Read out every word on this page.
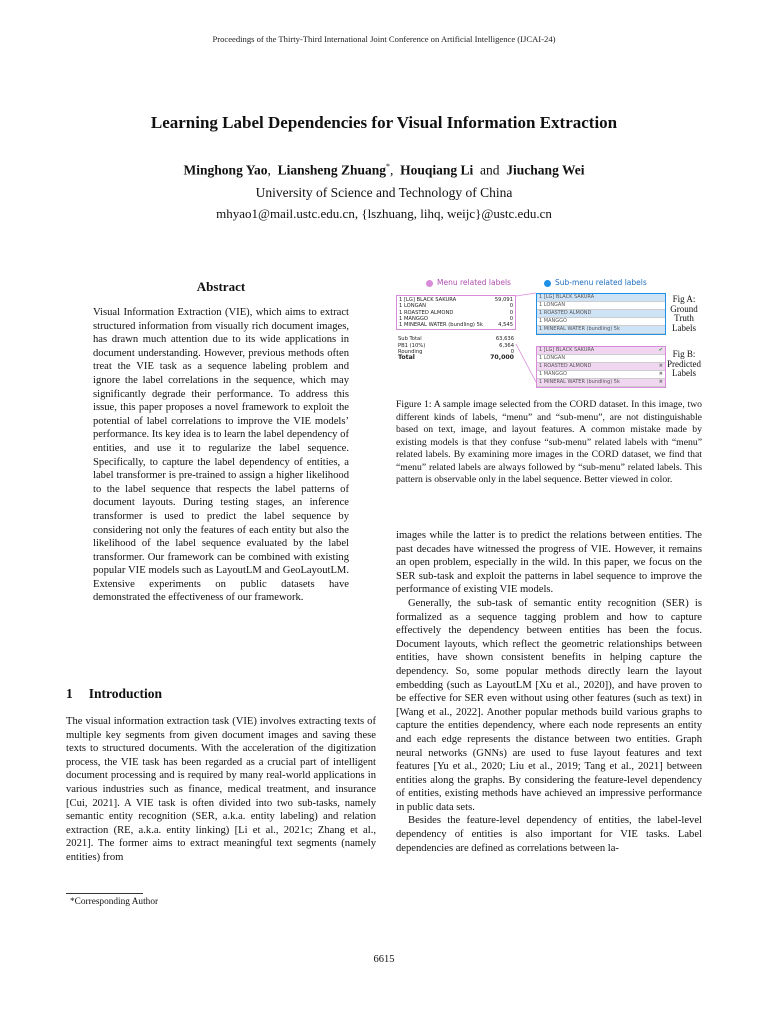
Proceedings of the Thirty-Third International Joint Conference on Artificial Intelligence (IJCAI-24)
Learning Label Dependencies for Visual Information Extraction
Minghong Yao, Liansheng Zhuang*, Houqiang Li and Jiuchang Wei
University of Science and Technology of China
mhyao1@mail.ustc.edu.cn, {lszhuang, lihq, weijc}@ustc.edu.cn
Abstract
Visual Information Extraction (VIE), which aims to extract structured information from visually rich document images, has drawn much attention due to its wide applications in document understanding. However, previous methods often treat the VIE task as a sequence labeling problem and ignore the label correlations in the sequence, which may significantly degrade their performance. To address this issue, this paper proposes a novel framework to exploit the potential of label correlations to improve the VIE models’ performance. Its key idea is to learn the label dependency of entities, and use it to regularize the label sequence. Specifically, to capture the label dependency of entities, a label transformer is pre-trained to assign a higher likelihood to the label sequence that respects the label patterns of document layouts. During testing stages, an inference transformer is used to predict the label sequence by considering not only the features of each entity but also the likelihood of the label sequence evaluated by the label transformer. Our framework can be combined with existing popular VIE models such as LayoutLM and GeoLayoutLM. Extensive experiments on public datasets have demonstrated the effectiveness of our framework.
1 Introduction
The visual information extraction task (VIE) involves extracting texts of multiple key segments from given document images and saving these texts to structured documents. With the acceleration of the digitization process, the VIE task has been regarded as a crucial part of intelligent document processing and is required by many real-world applications in various industries such as finance, medical treatment, and insurance [Cui, 2021]. A VIE task is often divided into two sub-tasks, namely semantic entity recognition (SER, a.k.a. entity labeling) and relation extraction (RE, a.k.a. entity linking) [Li et al., 2021c; Zhang et al., 2021]. The former aims to extract meaningful text segments (namely entities) from
*Corresponding Author
Menu related labels	Sub-menu related labels
1 [LG] BLACK SAKURA	59,091
1 LONGAN	0
1 ROASTED ALMOND	0
1 MANGGO	0
1 MINERAL WATER (bundling) 5k	4,545
Sub Total	63,636
PB1 (10%)	6,364
Rounding	0
Total	70,000
1 [LG] BLACK SAKURA
1 LONGAN
1 ROASTED ALMOND
1 MANGGO
1 MINERAL WATER (bundling) 5k
Fig A: Ground Truth Labels
1 [LG] BLACK SAKURA	✔
1 LONGAN
1 ROASTED ALMOND	✖
1 MANGGO	✖
1 MINERAL WATER (bundling) 5k	✖
Fig B: Predicted Labels
Figure 1: A sample image selected from the CORD dataset. In this image, two different kinds of labels, “menu” and “sub-menu”, are not distinguishable based on text, image, and layout features. A common mistake made by existing models is that they confuse “sub-menu” related labels with “menu” related labels. By examining more images in the CORD dataset, we find that “menu” related labels are always followed by “sub-menu” related labels. This pattern is observable only in the label sequence. Better viewed in color.

images while the latter is to predict the relations between entities. The past decades have witnessed the progress of VIE. However, it remains an open problem, especially in the wild. In this paper, we focus on the SER sub-task and exploit the patterns in label sequence to improve the performance of existing VIE models.

Generally, the sub-task of semantic entity recognition (SER) is formalized as a sequence tagging problem and how to capture effectively the dependency between entities has been the focus. Document layouts, which reflect the geometric relationships between entities, have shown consistent benefits in helping capture the dependency. So, some popular methods directly learn the layout embedding (such as LayoutLM [Xu et al., 2020]), and have proven to be effective for SER even without using other features (such as text) in [Wang et al., 2022]. Another popular methods build various graphs to capture the entities dependency, where each node represents an entity and each edge represents the distance between two entities. Graph neural networks (GNNs) are used to fuse layout features and text features [Yu et al., 2020; Liu et al., 2019; Tang et al., 2021] between entities along the graphs. By considering the feature-level dependency of entities, existing methods have achieved an impressive performance in public data sets.

Besides the feature-level dependency of entities, the label-level dependency of entities is also important for VIE tasks. Label dependencies are defined as correlations between la-

6615
